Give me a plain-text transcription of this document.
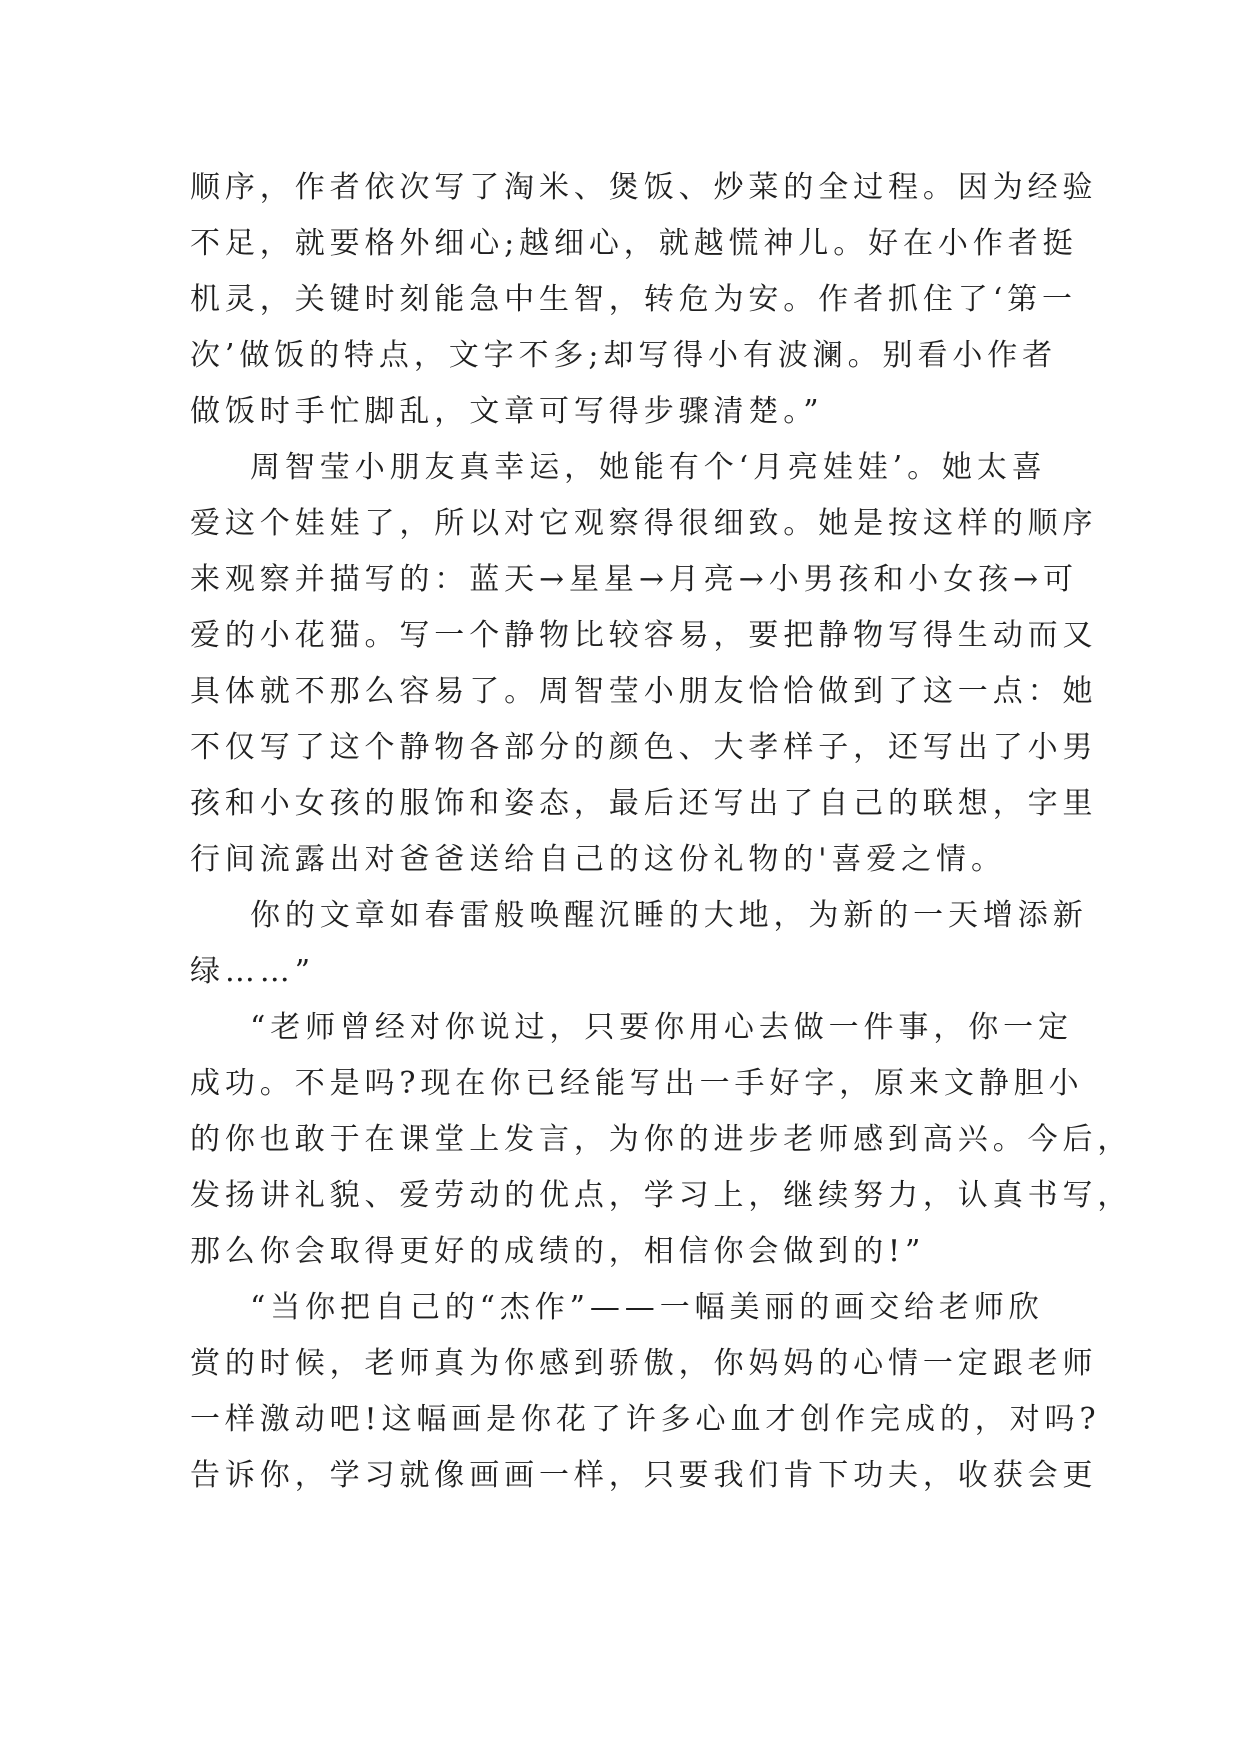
顺序，作者依次写了淘米、煲饭、炒菜的全过程。因为经验

不足，就要格外细心;越细心，就越慌神儿。好在小作者挺

机灵，关键时刻能急中生智，转危为安。作者抓住了‘第一

次’做饭的特点，文字不多;却写得小有波澜。别看小作者

做饭时手忙脚乱，文章可写得步骤清楚。”

周智莹小朋友真幸运，她能有个‘月亮娃娃’。她太喜

爱这个娃娃了，所以对它观察得很细致。她是按这样的顺序

来观察并描写的：蓝天→星星→月亮→小男孩和小女孩→可

爱的小花猫。写一个静物比较容易，要把静物写得生动而又

具体就不那么容易了。周智莹小朋友恰恰做到了这一点：她

不仅写了这个静物各部分的颜色、大孝样子，还写出了小男

孩和小女孩的服饰和姿态，最后还写出了自己的联想，字里

行间流露出对爸爸送给自己的这份礼物的'喜爱之情。

你的文章如春雷般唤醒沉睡的大地，为新的一天增添新

绿……”

“老师曾经对你说过，只要你用心去做一件事，你一定

成功。不是吗?现在你已经能写出一手好字，原来文静胆小

的你也敢于在课堂上发言，为你的进步老师感到高兴。今后，

发扬讲礼貌、爱劳动的优点，学习上，继续努力，认真书写，

那么你会取得更好的成绩的，相信你会做到的!”

“当你把自己的“杰作”——一幅美丽的画交给老师欣

赏的时候，老师真为你感到骄傲，你妈妈的心情一定跟老师

一样激动吧!这幅画是你花了许多心血才创作完成的，对吗?

告诉你，学习就像画画一样，只要我们肯下功夫，收获会更
